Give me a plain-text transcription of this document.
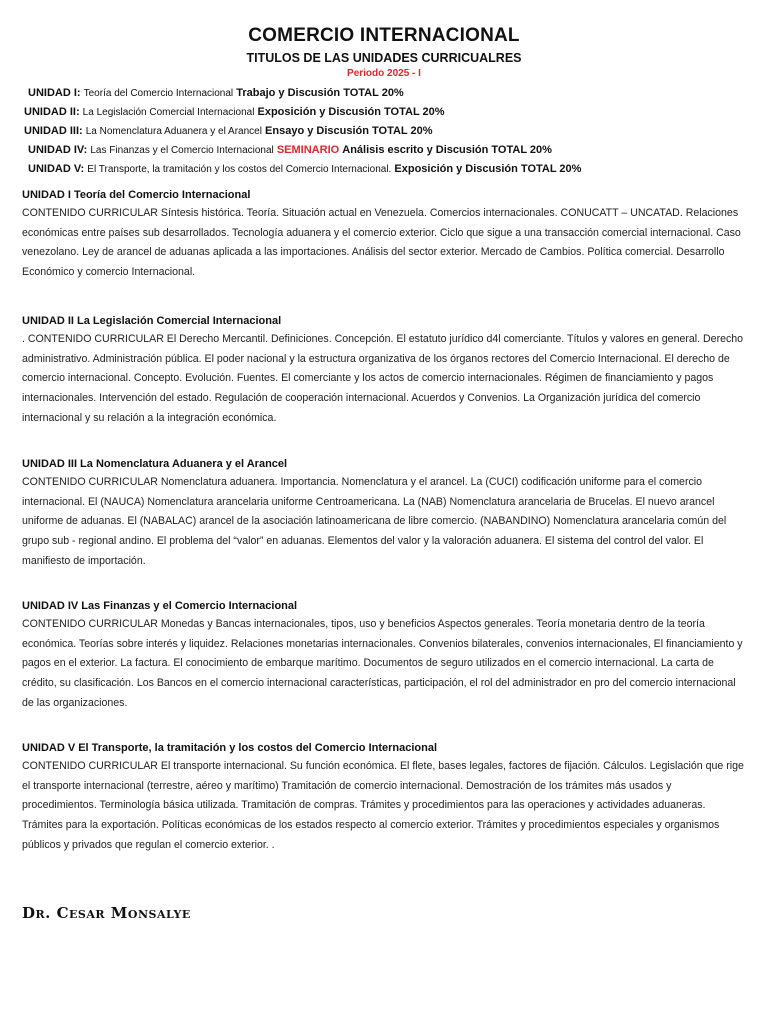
COMERCIO INTERNACIONAL
TITULOS DE LAS UNIDADES CURRICUALRES
Periodo 2025 - I
UNIDAD I: Teoría del Comercio Internacional Trabajo y Discusión TOTAL 20%
UNIDAD II: La Legislación Comercial Internacional Exposición y Discusión TOTAL 20%
UNIDAD III: La Nomenclatura Aduanera y el Arancel Ensayo y Discusión TOTAL 20%
UNIDAD IV: Las Finanzas y el Comercio Internacional SEMINARIO Análisis escrito y Discusión TOTAL 20%
UNIDAD V: El Transporte, la tramitación y los costos del Comercio Internacional. Exposición y Discusión TOTAL 20%
UNIDAD I Teoría del Comercio Internacional
CONTENIDO CURRICULAR Síntesis histórica. Teoría. Situación actual en Venezuela. Comercios internacionales. CONUCATT – UNCATAD. Relaciones económicas entre países sub desarrollados. Tecnología aduanera y el comercio exterior. Ciclo que sigue a una transacción comercial internacional. Caso venezolano. Ley de arancel de aduanas aplicada a las importaciones. Análisis del sector exterior. Mercado de Cambios. Política comercial. Desarrollo Económico y comercio Internacional.
UNIDAD II La Legislación Comercial Internacional
. CONTENIDO CURRICULAR El Derecho Mercantil. Definiciones. Concepción. El estatuto jurídico d4l comerciante. Títulos y valores en general. Derecho administrativo. Administración pública. El poder nacional y la estructura organizativa de los órganos rectores del Comercio Internacional. El derecho de comercio internacional. Concepto. Evolución. Fuentes. El comerciante y los actos de comercio internacionales. Régimen de financiamiento y pagos internacionales. Intervención del estado. Regulación de cooperación internacional. Acuerdos y Convenios. La Organización jurídica del comercio internacional y su relación a la integración económica.
UNIDAD III La Nomenclatura Aduanera y el Arancel
CONTENIDO CURRICULAR Nomenclatura aduanera. Importancia. Nomenclatura y el arancel. La (CUCI) codificación uniforme para el comercio internacional. El (NAUCA) Nomenclatura arancelaria uniforme Centroamericana. La (NAB) Nomenclatura arancelaria de Brucelas. El nuevo arancel uniforme de aduanas. El (NABALAC) arancel de la asociación latinoamericana de libre comercio. (NABANDINO) Nomenclatura arancelaria común del grupo sub - regional andino. El problema del “valor” en aduanas. Elementos del valor y la valoración aduanera. El sistema del control del valor. El manifiesto de importación.
UNIDAD IV Las Finanzas y el Comercio Internacional
CONTENIDO CURRICULAR Monedas y Bancas internacionales, tipos, uso y beneficios Aspectos generales. Teoría monetaria dentro de la teoría económica. Teorías sobre interés y liquidez. Relaciones monetarias internacionales. Convenios bilaterales, convenios internacionales, El financiamiento y pagos en el exterior. La factura. El conocimiento de embarque marítimo. Documentos de seguro utilizados en el comercio internacional. La carta de crédito, su clasificación. Los Bancos en el comercio internacional características, participación, el rol del administrador en pro del comercio internacional de las organizaciones.
UNIDAD V El Transporte, la tramitación y los costos del Comercio Internacional
CONTENIDO CURRICULAR El transporte internacional. Su función económica. El flete, bases legales, factores de fijación. Cálculos. Legislación que rige el transporte internacional (terrestre, aéreo y marítimo) Tramitación de comercio internacional. Demostración de los trámites más usados y procedimientos. Terminología básica utilizada. Tramitación de compras. Trámites y procedimientos para las operaciones y actividades aduaneras. Trámites para la exportación. Políticas económicas de los estados respecto al comercio exterior. Trámites y procedimientos especiales y organismos públicos y privados que regulan el comercio exterior. .
Dr. Cesar Monsalye
